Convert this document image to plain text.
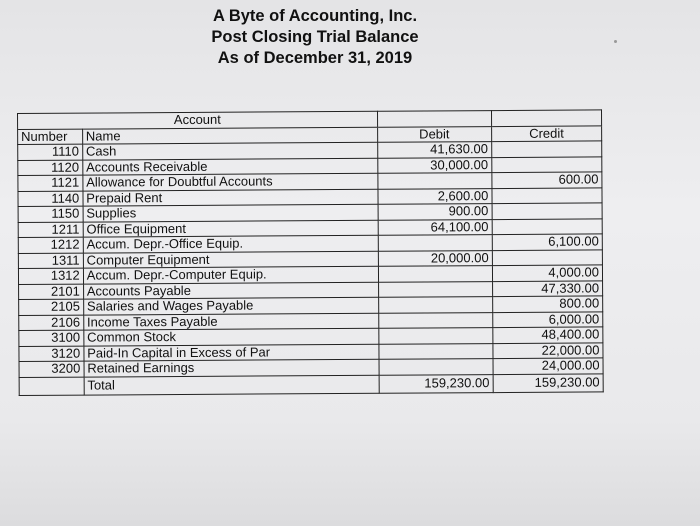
A Byte of Accounting, Inc.
Post Closing Trial Balance
As of December 31, 2019
Account			
Number	Name	Debit	Credit
1110	Cash	41,630.00	
1120	Accounts Receivable	30,000.00	
1121	Allowance for Doubtful Accounts		600.00
1140	Prepaid Rent	2,600.00	
1150	Supplies	900.00	
1211	Office Equipment	64,100.00	
1212	Accum. Depr.-Office Equip.		6,100.00
1311	Computer Equipment	20,000.00	
1312	Accum. Depr.-Computer Equip.		4,000.00
2101	Accounts Payable		47,330.00
2105	Salaries and Wages Payable		800.00
2106	Income Taxes Payable		6,000.00
3100	Common Stock		48,400.00
3120	Paid-In Capital in Excess of Par		22,000.00
3200	Retained Earnings		24,000.00
	Total	159,230.00	159,230.00
